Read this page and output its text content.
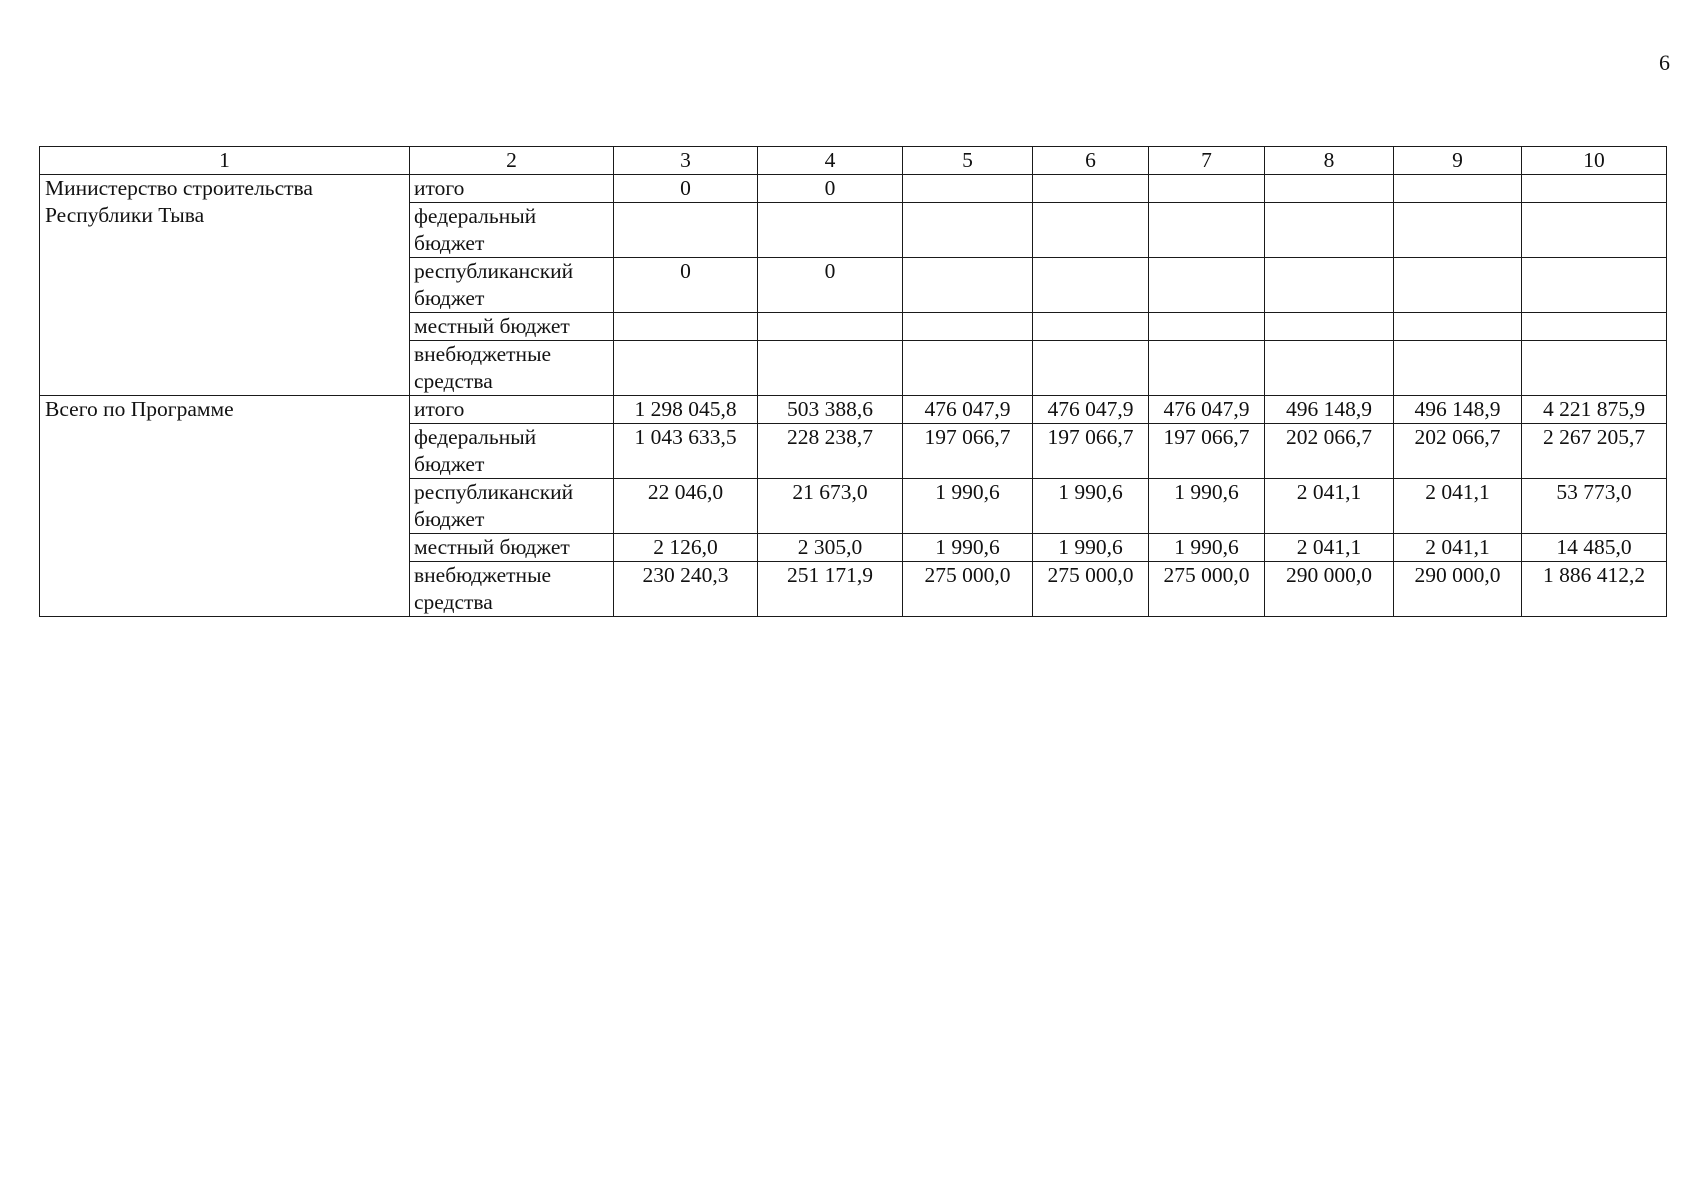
6
1	2	3	4	5	6	7	8	9	10
Министерство строительства Республики Тыва	итого	0	0						
	федеральный бюджет								
	республиканский бюджет	0	0						
	местный бюджет								
	внебюджетные средства								
Всего по Программе	итого	1 298 045,8	503 388,6	476 047,9	476 047,9	476 047,9	496 148,9	496 148,9	4 221 875,9
	федеральный бюджет	1 043 633,5	228 238,7	197 066,7	197 066,7	197 066,7	202 066,7	202 066,7	2 267 205,7
	республиканский бюджет	22 046,0	21 673,0	1 990,6	1 990,6	1 990,6	2 041,1	2 041,1	53 773,0
	местный бюджет	2 126,0	2 305,0	1 990,6	1 990,6	1 990,6	2 041,1	2 041,1	14 485,0
	внебюджетные средства	230 240,3	251 171,9	275 000,0	275 000,0	275 000,0	290 000,0	290 000,0	1 886 412,2
